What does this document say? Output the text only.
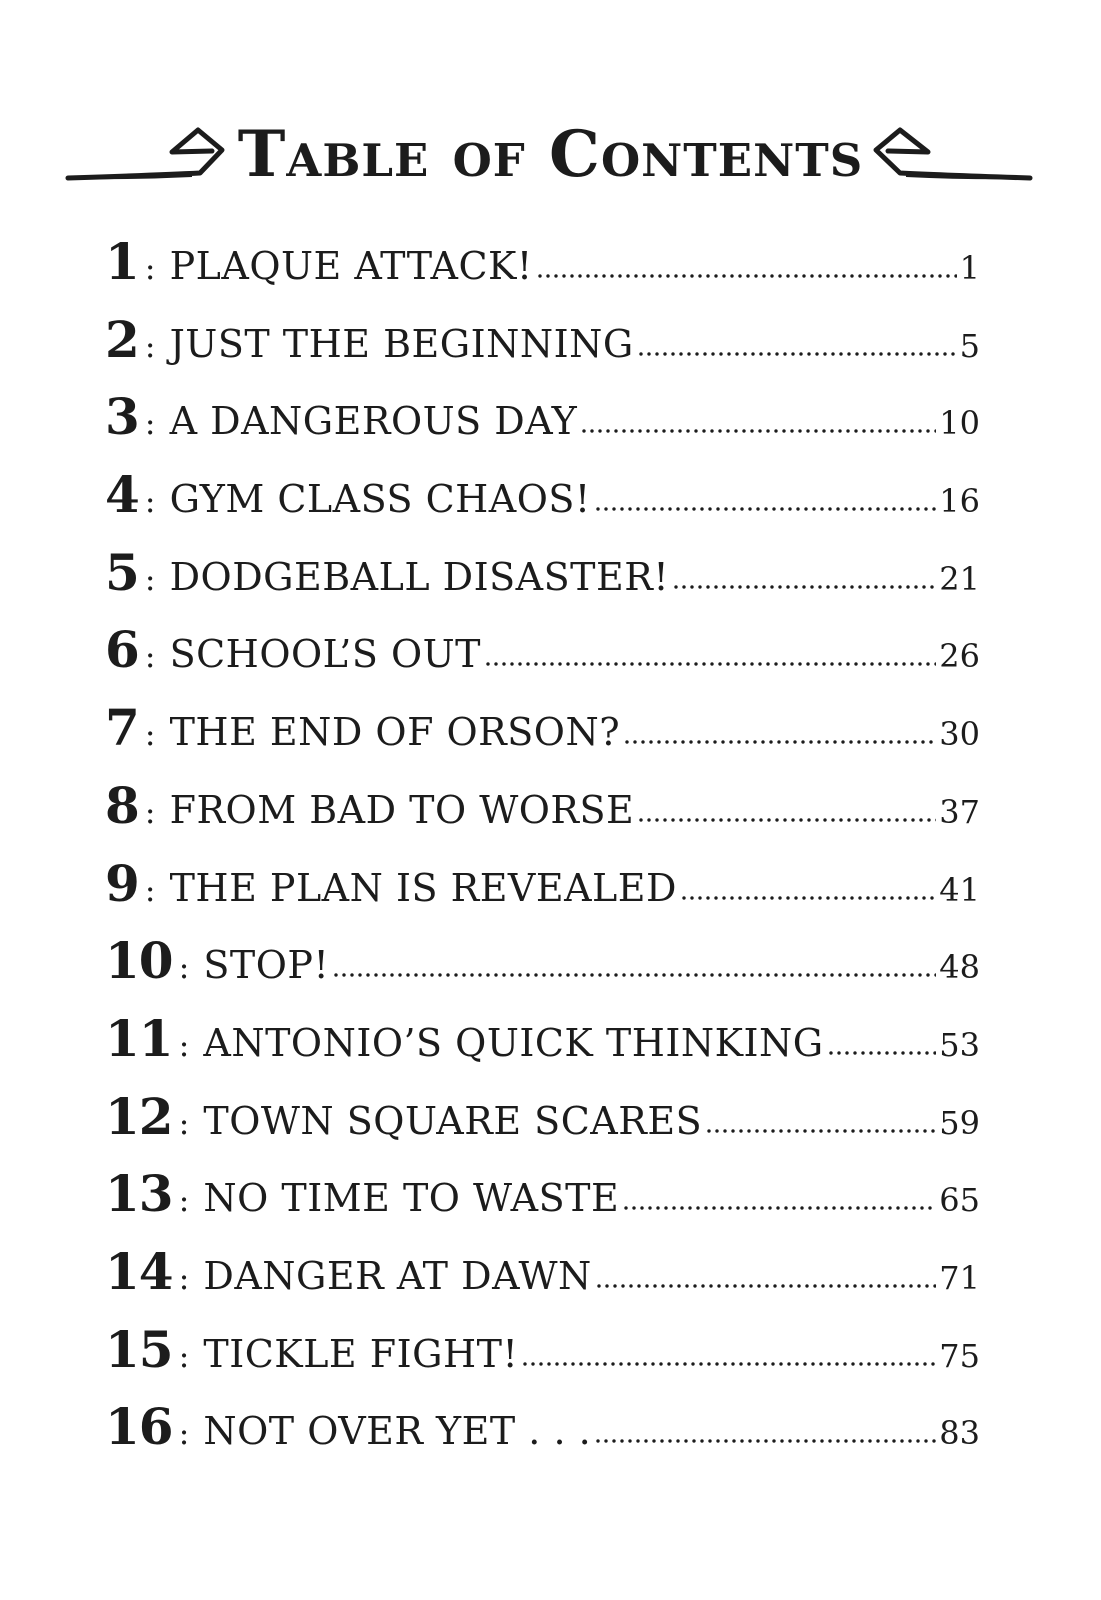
Table of Contents
1 : PLAQUE ATTACK!	1
2 : JUST THE BEGINNING	5
3 : A DANGEROUS DAY	10
4 : GYM CLASS CHAOS!	16
5 : DODGEBALL DISASTER!	21
6 : SCHOOL’S OUT	26
7 : THE END OF ORSON?	30
8 : FROM BAD TO WORSE	37
9 : THE PLAN IS REVEALED	41
10 : STOP!	48
11 : ANTONIO’S QUICK THINKING	53
12 : TOWN SQUARE SCARES	59
13 : NO TIME TO WASTE	65
14 : DANGER AT DAWN	71
15 : TICKLE FIGHT!	75
16 : NOT OVER YET . . .	83
